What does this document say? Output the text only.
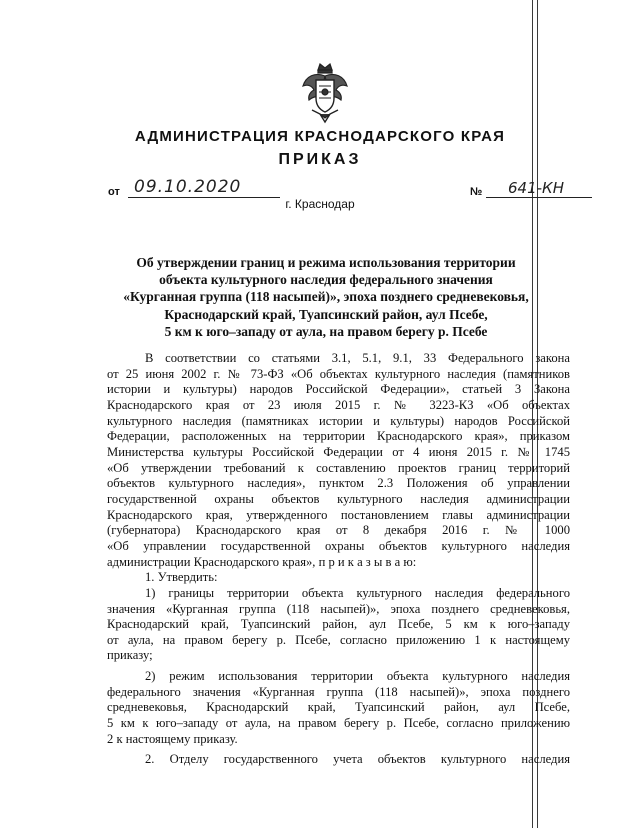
АДМИНИСТРАЦИЯ КРАСНОДАРСКОГО КРАЯ
ПРИКАЗ
от 09.10.2020	№ 641-КН
г. Краснодар
Об утверждении границ и режима использования территории
объекта культурного наследия федерального значения
«Курганная группа (118 насыпей)», эпоха позднего средневековья,
Краснодарский край, Туапсинский район, аул Псебе,
5 км к юго–западу от аула, на правом берегу р. Псебе
В соответствии со статьями 3.1, 5.1, 9.1, 33 Федерального закона
от 25 июня 2002 г. № 73-ФЗ «Об объектах культурного наследия (памятников
истории и культуры) народов Российской Федерации», статьей 3 Закона
Краснодарского края от 23 июля 2015 г. № 3223-КЗ «Об объектах
культурного наследия (памятниках истории и культуры) народов Российской
Федерации, расположенных на территории Краснодарского края», приказом
Министерства культуры Российской Федерации от 4 июня 2015 г. № 1745
«Об утверждении требований к составлению проектов границ территорий
объектов культурного наследия», пунктом 2.3 Положения об управлении
государственной охраны объектов культурного наследия администрации
Краснодарского края, утвержденного постановлением главы администрации
(губернатора) Краснодарского края от 8 декабря 2016 г. № 1000
«Об управлении государственной охраны объектов культурного наследия
администрации Краснодарского края», п р и к а з ы в а ю:
1. Утвердить:
1) границы территории объекта культурного наследия федерального
значения «Курганная группа (118 насыпей)», эпоха позднего средневековья,
Краснодарский край, Туапсинский район, аул Псебе, 5 км к юго–западу
от аула, на правом берегу р. Псебе, согласно приложению 1 к настоящему
приказу;
2) режим использования территории объекта культурного наследия
федерального значения «Курганная группа (118 насыпей)», эпоха позднего
средневековья, Краснодарский край, Туапсинский район, аул Псебе,
5 км к юго–западу от аула, на правом берегу р. Псебе, согласно приложению
2 к настоящему приказу.
2. Отделу государственного учета объектов культурного наследия
